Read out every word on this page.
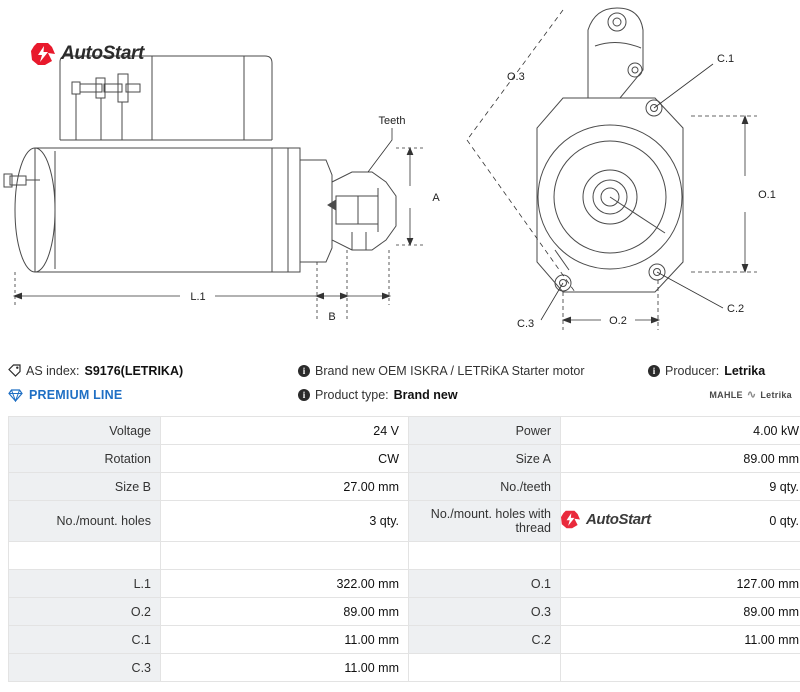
AutoStart
Teeth
A
L.1
B
O.3
O.1
O.2
C.1
C.2
C.3
AS index: S9176(LETRIKA)	i Brand new OEM ISKRA / LETRiKA Starter motor	i Producer: Letrika
PREMIUM LINE	i Product type: Brand new	MAHLE ∿ Letrika
Voltage	24 V	Power	4.00 kW
Rotation	CW	Size A	89.00 mm
Size B	27.00 mm	No./teeth	9 qty.
No./mount. holes	3 qty.	No./mount. holes with thread	0 qty.

L.1	322.00 mm	O.1	127.00 mm
O.2	89.00 mm	O.3	89.00 mm
C.1	11.00 mm	C.2	11.00 mm
C.3	11.00 mm		
AutoStart
